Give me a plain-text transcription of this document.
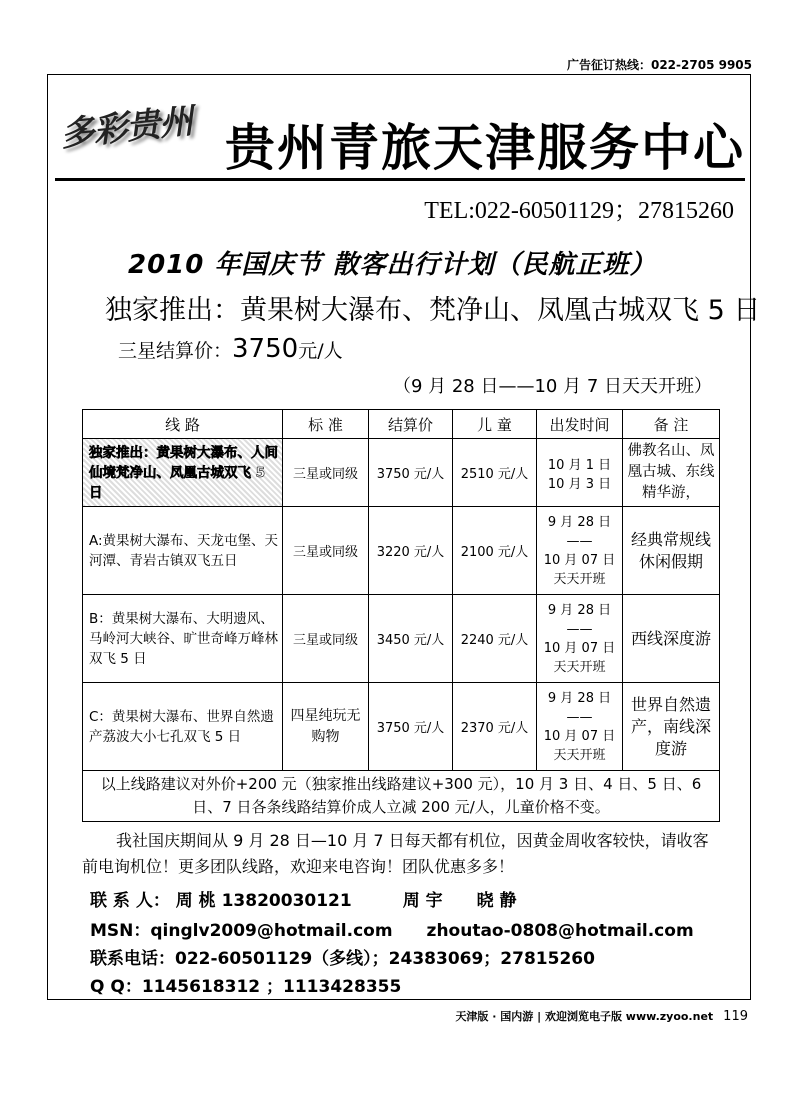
广告征订热线：022-2705 9905
多彩贵州 贵州青旅天津服务中心
TEL:022-60501129；27815260
2010 年国庆节 散客出行计划（民航正班）
独家推出：黄果树大瀑布、梵净山、凤凰古城双飞 5 日
三星结算价：3750元/人
（9 月 28 日——10 月 7 日天天开班）
线 路	标 准	结算价	儿 童	出发时间	备 注
独家推出：黄果树大瀑布、人间仙境梵净山、凤凰古城双飞 5 日	三星或同级	3750 元/人	2510 元/人	10 月 1 日
10 月 3 日	佛教名山、凤凰古城、东线精华游，
A:黄果树大瀑布、天龙屯堡、天河潭、青岩古镇双飞五日	三星或同级	3220 元/人	2100 元/人	9 月 28 日
——
10 月 07 日
天天开班	经典常规线休闲假期
B：黄果树大瀑布、大明遗风、马岭河大峡谷、旷世奇峰万峰林双飞 5 日	三星或同级	3450 元/人	2240 元/人	9 月 28 日
——
10 月 07 日
天天开班	西线深度游
C：黄果树大瀑布、世界自然遗产荔波大小七孔双飞 5 日	四星纯玩无购物	3750 元/人	2370 元/人	9 月 28 日
——
10 月 07 日
天天开班	世界自然遗产，南线深度游
以上线路建议对外价+200 元（独家推出线路建议+300 元），10 月 3 日、4 日、5 日、6 日、7 日各条线路结算价成人立减 200 元/人，儿童价格不变。					
我社国庆期间从 9 月 28 日—10 月 7 日每天都有机位，因黄金周收客较快，请收客前电询机位！更多团队线路，欢迎来电咨询！团队优惠多多！
联 系 人： 周 桃 13820030121　　　周 宇　　晓 静
MSN：qinglv2009@hotmail.com　　zhoutao-0808@hotmail.com
联系电话：022-60501129（多线）；24383069；27815260
Q Q：1145618312 ；1113428355
天津版 · 国内游 | 欢迎浏览电子版 www.zyoo.net 119
